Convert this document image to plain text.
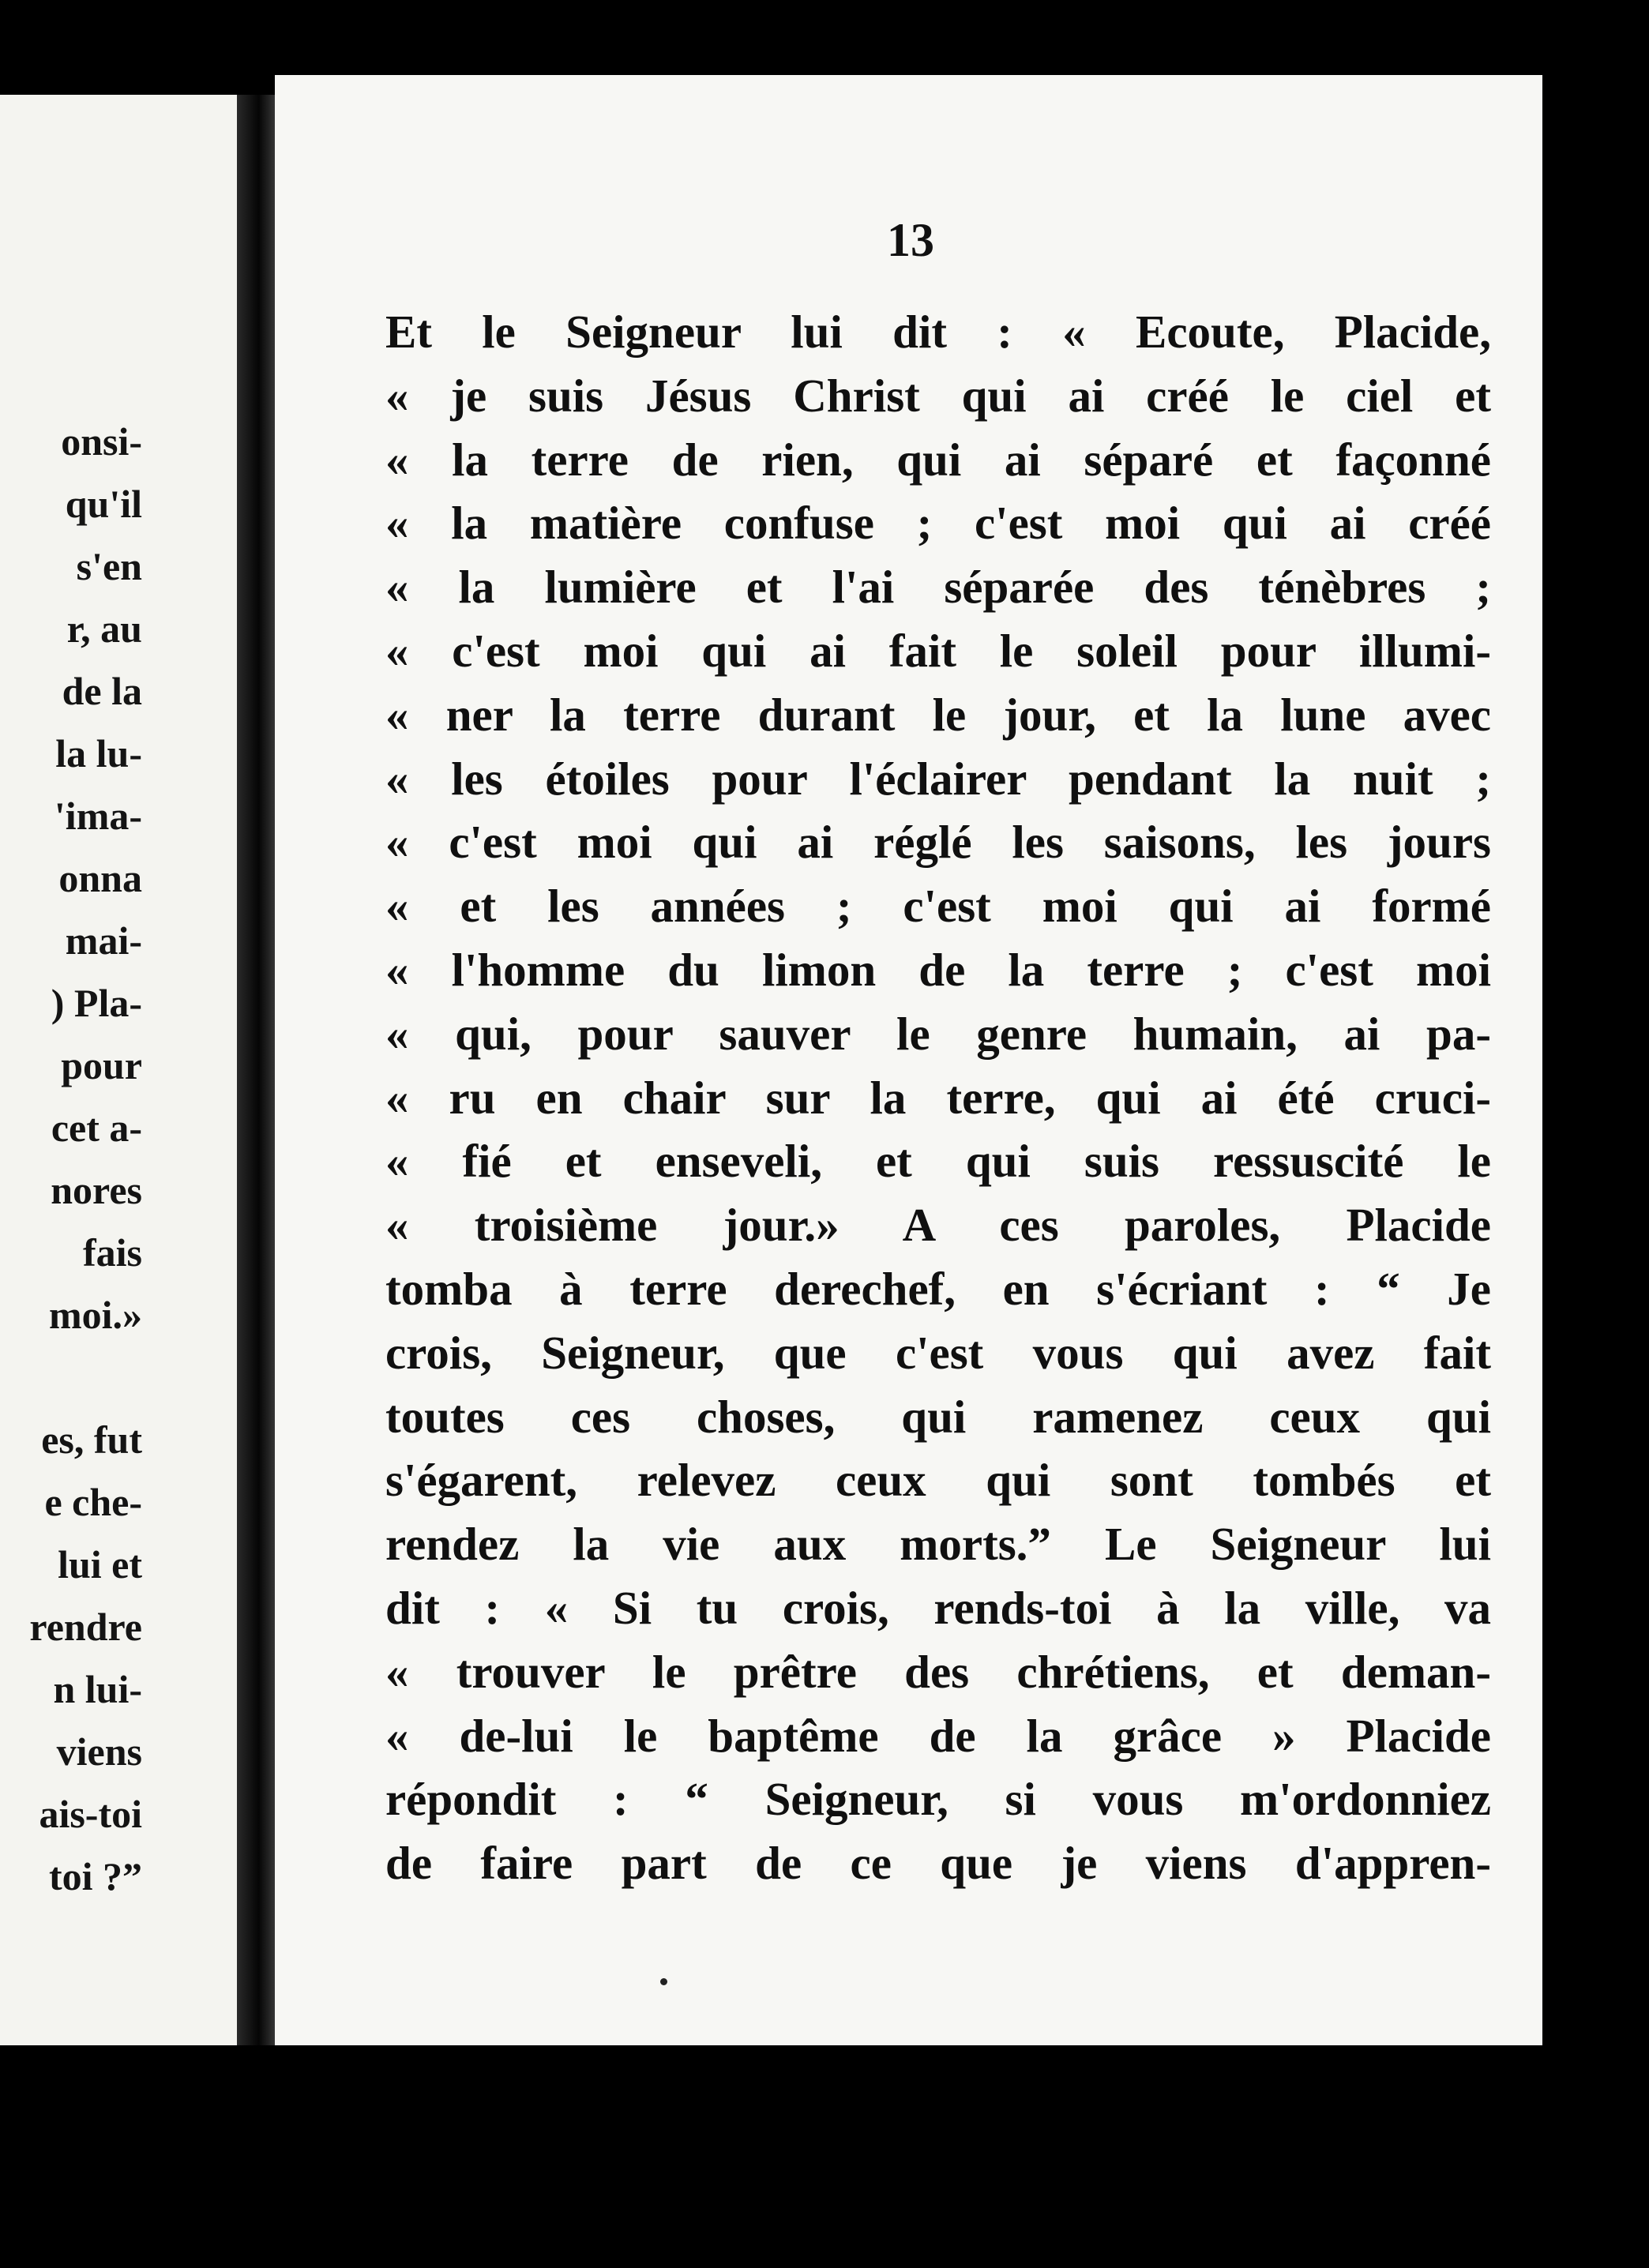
onsi-
qu'il
s'en
r, au
de la
la lu-
'ima-
onna
mai-
) Pla-
pour
cet a-
nores
fais
moi.»
es, fut
e che-
lui et
rendre
n lui-
viens
ais-toi
toi ?”

13

Et le Seigneur lui dit : « Ecoute, Placide,
« je suis Jésus Christ qui ai créé le ciel et
« la terre de rien, qui ai séparé et façonné
« la matière confuse ; c'est moi qui ai créé
« la lumière et l'ai séparée des ténèbres ;
« c'est moi qui ai fait le soleil pour illumi-
« ner la terre durant le jour, et la lune avec
« les étoiles pour l'éclairer pendant la nuit ;
« c'est moi qui ai réglé les saisons, les jours
« et les années ; c'est moi qui ai formé
« l'homme du limon de la terre ; c'est moi
« qui, pour sauver le genre humain, ai pa-
« ru en chair sur la terre, qui ai été cruci-
« fié et enseveli, et qui suis ressuscité le
« troisième jour.» A ces paroles, Placide
tomba à terre derechef, en s'écriant : “ Je
crois, Seigneur, que c'est vous qui avez fait
toutes ces choses, qui ramenez ceux qui
s'égarent, relevez ceux qui sont tombés et
rendez la vie aux morts.” Le Seigneur lui
dit : « Si tu crois, rends-toi à la ville, va
« trouver le prêtre des chrétiens, et deman-
« de-lui le baptême de la grâce » Placide
répondit : “ Seigneur, si vous m'ordonniez
de faire part de ce que je viens d'appren-
